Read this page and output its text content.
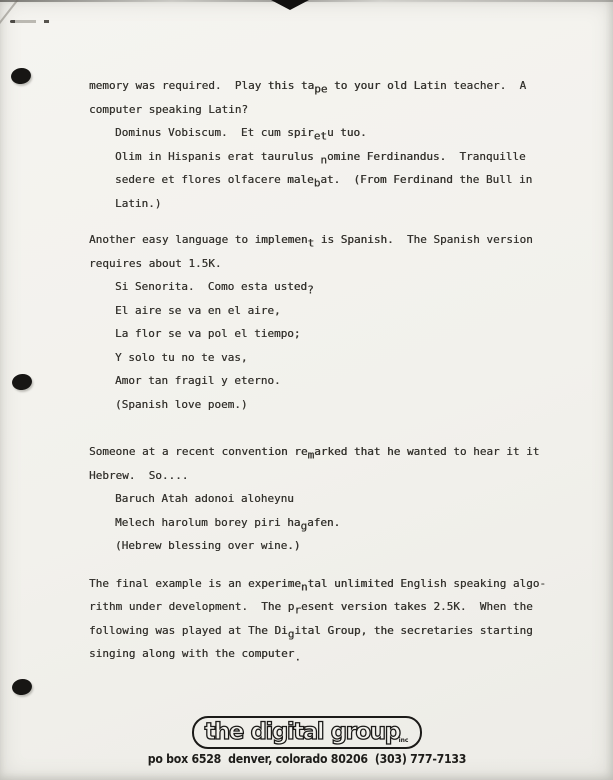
memory was required.  Play this tape to your old Latin teacher.  A
computer speaking Latin?
Dominus Vobiscum.  Et cum spiretu tuo.
Olim in Hispanis erat taurulus nomine Ferdinandus.  Tranquille
sedere et flores olfacere malebat.  (From Ferdinand the Bull in
Latin.)
Another easy language to implement is Spanish.  The Spanish version
requires about 1.5K.
Si Senorita.  Como esta usted?
El aire se va en el aire,
La flor se va pol el tiempo;
Y solo tu no te vas,
Amor tan fragil y eterno.
(Spanish love poem.)
Someone at a recent convention remarked that he wanted to hear it it
Hebrew.  So....
Baruch Atah adonoi aloheynu
Melech harolum borey piri hagafen.
(Hebrew blessing over wine.)
The final example is an experimental unlimited English speaking algo-
rithm under development.  The present version takes 2.5K.  When the
following was played at The Digital Group, the secretaries starting
singing along with the computer.
the digital group inc
po box 6528  denver, colorado 80206  (303) 777-7133
